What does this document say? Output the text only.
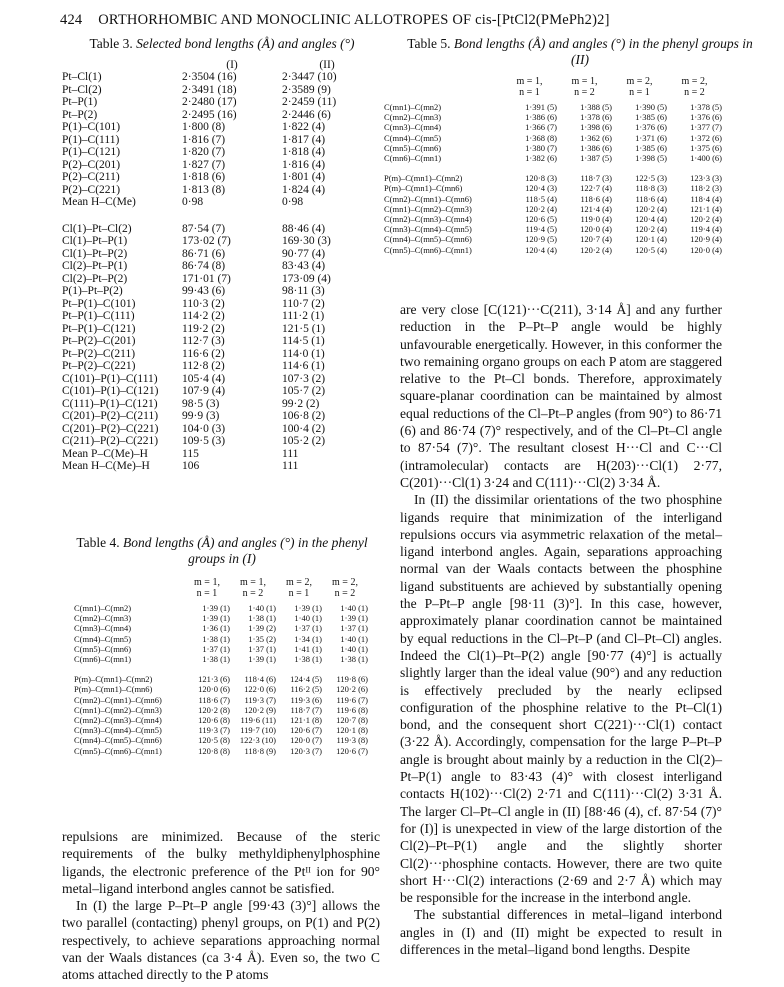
424 ORTHORHOMBIC AND MONOCLINIC ALLOTROPES OF cis-[PtCl2(PMePh2)2]
Table 3. Selected bond lengths (Å) and angles (°)
	(I)	(II)
Pt–Cl(1)	2·3504 (16)	2·3447 (10)
Pt–Cl(2)	2·3491 (18)	2·3589 (9)
Pt–P(1)	2·2480 (17)	2·2459 (11)
Pt–P(2)	2·2495 (16)	2·2446 (6)
P(1)–C(101)	1·800 (8)	1·822 (4)
P(1)–C(111)	1·816 (7)	1·817 (4)
P(1)–C(121)	1·820 (7)	1·818 (4)
P(2)–C(201)	1·827 (7)	1·816 (4)
P(2)–C(211)	1·818 (6)	1·801 (4)
P(2)–C(221)	1·813 (8)	1·824 (4)
Mean H–C(Me)	0·98	0·98

Cl(1)–Pt–Cl(2)	87·54 (7)	88·46 (4)
Cl(1)–Pt–P(1)	173·02 (7)	169·30 (3)
Cl(1)–Pt–P(2)	86·71 (6)	90·77 (4)
Cl(2)–Pt–P(1)	86·74 (8)	83·43 (4)
Cl(2)–Pt–P(2)	171·01 (7)	173·09 (4)
P(1)–Pt–P(2)	99·43 (6)	98·11 (3)
Pt–P(1)–C(101)	110·3 (2)	110·7 (2)
Pt–P(1)–C(111)	114·2 (2)	111·2 (1)
Pt–P(1)–C(121)	119·2 (2)	121·5 (1)
Pt–P(2)–C(201)	112·7 (3)	114·5 (1)
Pt–P(2)–C(211)	116·6 (2)	114·0 (1)
Pt–P(2)–C(221)	112·8 (2)	114·6 (1)
C(101)–P(1)–C(111)	105·4 (4)	107·3 (2)
C(101)–P(1)–C(121)	107·9 (4)	105·7 (2)
C(111)–P(1)–C(121)	98·5 (3)	99·2 (2)
C(201)–P(2)–C(211)	99·9 (3)	106·8 (2)
C(201)–P(2)–C(221)	104·0 (3)	100·4 (2)
C(211)–P(2)–C(221)	109·5 (3)	105·2 (2)
Mean P–C(Me)–H	115	111
Mean H–C(Me)–H	106	111
Table 4. Bond lengths (Å) and angles (°) in the phenyl groups in (I)
	m = 1,	m = 1,	m = 2,	m = 2,
	n = 1	n = 2	n = 1	n = 2

C(mn1)–C(mn2)	1·39 (1)	1·40 (1)	1·39 (1)	1·40 (1)
C(mn2)–C(mn3)	1·39 (1)	1·38 (1)	1·40 (1)	1·39 (1)
C(mn3)–C(mn4)	1·36 (1)	1·39 (2)	1·37 (1)	1·37 (1)
C(mn4)–C(mn5)	1·38 (1)	1·35 (2)	1·34 (1)	1·40 (1)
C(mn5)–C(mn6)	1·37 (1)	1·37 (1)	1·41 (1)	1·40 (1)
C(mn6)–C(mn1)	1·38 (1)	1·39 (1)	1·38 (1)	1·38 (1)

P(m)–C(mn1)–C(mn2)	121·3 (6)	118·4 (6)	124·4 (5)	119·8 (6)
P(m)–C(mn1)–C(mn6)	120·0 (6)	122·0 (6)	116·2 (5)	120·2 (6)
C(mn2)–C(mn1)–C(mn6)	118·6 (7)	119·3 (7)	119·3 (6)	119·6 (7)
C(mn1)–C(mn2)–C(mn3)	120·2 (8)	120·2 (9)	118·7 (7)	119·6 (8)
C(mn2)–C(mn3)–C(mn4)	120·6 (8)	119·6 (11)	121·1 (8)	120·7 (8)
C(mn3)–C(mn4)–C(mn5)	119·3 (7)	119·7 (10)	120·6 (7)	120·1 (8)
C(mn4)–C(mn5)–C(mn6)	120·5 (8)	122·3 (10)	120·0 (7)	119·3 (8)
C(mn5)–C(mn6)–C(mn1)	120·8 (8)	118·8 (9)	120·3 (7)	120·6 (7)
Table 5. Bond lengths (Å) and angles (°) in the phenyl groups in (II)
	m = 1,	m = 1,	m = 2,	m = 2,
	n = 1	n = 2	n = 1	n = 2

C(mn1)–C(mn2)	1·391 (5)	1·388 (5)	1·390 (5)	1·378 (5)
C(mn2)–C(mn3)	1·386 (6)	1·378 (6)	1·385 (6)	1·376 (6)
C(mn3)–C(mn4)	1·366 (7)	1·398 (6)	1·376 (6)	1·377 (7)
C(mn4)–C(mn5)	1·368 (8)	1·362 (6)	1·371 (6)	1·372 (6)
C(mn5)–C(mn6)	1·380 (7)	1·386 (6)	1·385 (6)	1·375 (6)
C(mn6)–C(mn1)	1·382 (6)	1·387 (5)	1·398 (5)	1·400 (6)

P(m)–C(mn1)–C(mn2)	120·8 (3)	118·7 (3)	122·5 (3)	123·3 (3)
P(m)–C(mn1)–C(mn6)	120·4 (3)	122·7 (4)	118·8 (3)	118·2 (3)
C(mn2)–C(mn1)–C(mn6)	118·5 (4)	118·6 (4)	118·6 (4)	118·4 (4)
C(mn1)–C(mn2)–C(mn3)	120·2 (4)	121·4 (4)	120·2 (4)	121·1 (4)
C(mn2)–C(mn3)–C(mn4)	120·6 (5)	119·0 (4)	120·4 (4)	120·2 (4)
C(mn3)–C(mn4)–C(mn5)	119·4 (5)	120·0 (4)	120·2 (4)	119·4 (4)
C(mn4)–C(mn5)–C(mn6)	120·9 (5)	120·7 (4)	120·1 (4)	120·9 (4)
C(mn5)–C(mn6)–C(mn1)	120·4 (4)	120·2 (4)	120·5 (4)	120·0 (4)

repulsions are minimized. Because of the steric requirements of the bulky methyldiphenylphosphine ligands, the electronic preference of the Ptᴵᴵ ion for 90° metal–ligand interbond angles cannot be satisfied.

In (I) the large P–Pt–P angle [99·43 (3)°] allows the two parallel (contacting) phenyl groups, on P(1) and P(2) respectively, to achieve separations approaching normal van der Waals distances (ca 3·4 Å). Even so, the two C atoms attached directly to the P atoms

are very close [C(121)···C(211), 3·14 Å] and any further reduction in the P–Pt–P angle would be highly unfavourable energetically. However, in this conformer the two remaining organo groups on each P atom are staggered relative to the Pt–Cl bonds. Therefore, approximately square-planar coordination can be maintained by almost equal reductions of the Cl–Pt–P angles (from 90°) to 86·71 (6) and 86·74 (7)° respectively, and of the Cl–Pt–Cl angle to 87·54 (7)°. The resultant closest H···Cl and C···Cl (intramolecular) contacts are H(203)···Cl(1) 2·77, C(201)···Cl(1) 3·24 and C(111)···Cl(2) 3·34 Å.

In (II) the dissimilar orientations of the two phosphine ligands require that minimization of the interligand repulsions occurs via asymmetric relaxation of the metal–ligand interbond angles. Again, separations approaching normal van der Waals contacts between the phosphine ligand substituents are achieved by substantially opening the P–Pt–P angle [98·11 (3)°]. In this case, however, approximately planar coordination cannot be maintained by equal reductions in the Cl–Pt–P (and Cl–Pt–Cl) angles. Indeed the Cl(1)–Pt–P(2) angle [90·77 (4)°] is actually slightly larger than the ideal value (90°) and any reduction is effectively precluded by the nearly eclipsed configuration of the phosphine relative to the Pt–Cl(1) bond, and the consequent short C(221)···Cl(1) contact (3·22 Å). Accordingly, compensation for the large P–Pt–P angle is brought about mainly by a reduction in the Cl(2)–Pt–P(1) angle to 83·43 (4)° with closest interligand contacts H(102)···Cl(2) 2·71 and C(111)···Cl(2) 3·31 Å. The larger Cl–Pt–Cl angle in (II) [88·46 (4), cf. 87·54 (7)° for (I)] is unexpected in view of the large distortion of the Cl(2)–Pt–P(1) angle and the slightly shorter Cl(2)···phosphine contacts. However, there are two quite short H···Cl(2) interactions (2·69 and 2·7 Å) which may be responsible for the increase in the interbond angle.

The substantial differences in metal–ligand interbond angles in (I) and (II) might be expected to result in differences in the metal–ligand bond lengths. Despite
